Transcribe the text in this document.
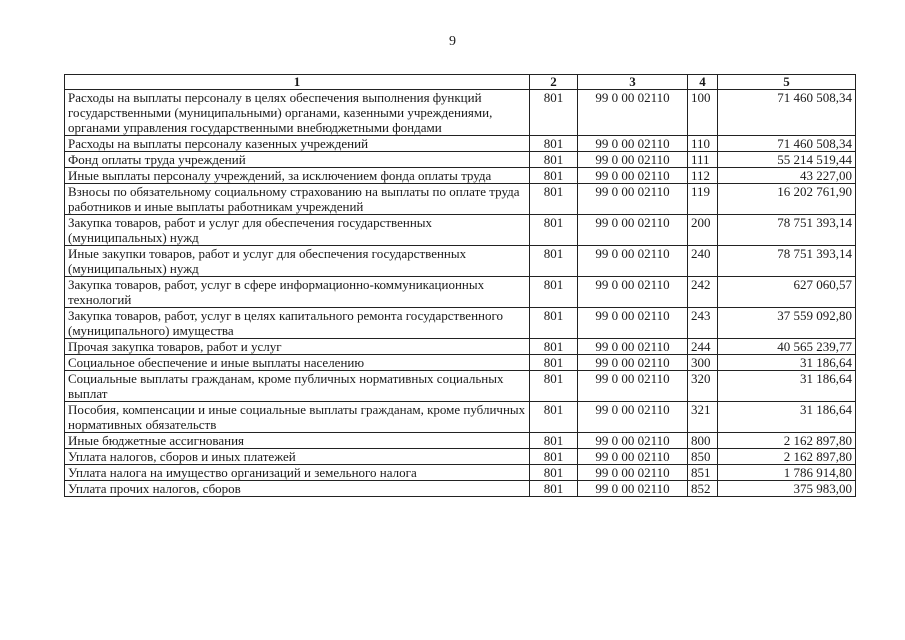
9
1	2	3	4	5
Расходы на выплаты персоналу в целях обеспечения выполнения функций государственными (муниципальными) органами, казенными учреждениями, органами управления государственными внебюджетными фондами	801	99 0 00 02110	100	71 460 508,34
Расходы на выплаты персоналу казенных учреждений	801	99 0 00 02110	110	71 460 508,34
Фонд оплаты труда учреждений	801	99 0 00 02110	111	55 214 519,44
Иные выплаты персоналу учреждений, за исключением фонда оплаты труда	801	99 0 00 02110	112	43 227,00
Взносы по обязательному социальному страхованию на выплаты по оплате труда работников и иные выплаты работникам учреждений	801	99 0 00 02110	119	16 202 761,90
Закупка товаров, работ и услуг для обеспечения государственных (муниципальных) нужд	801	99 0 00 02110	200	78 751 393,14
Иные закупки товаров, работ и услуг для обеспечения государственных (муниципальных) нужд	801	99 0 00 02110	240	78 751 393,14
Закупка товаров, работ, услуг в сфере информационно-коммуникационных технологий	801	99 0 00 02110	242	627 060,57
Закупка товаров, работ, услуг в целях капитального ремонта государственного (муниципального) имущества	801	99 0 00 02110	243	37 559 092,80
Прочая закупка товаров, работ и услуг	801	99 0 00 02110	244	40 565 239,77
Социальное обеспечение и иные выплаты населению	801	99 0 00 02110	300	31 186,64
Социальные выплаты гражданам, кроме публичных нормативных социальных выплат	801	99 0 00 02110	320	31 186,64
Пособия, компенсации и иные социальные выплаты гражданам, кроме публичных нормативных обязательств	801	99 0 00 02110	321	31 186,64
Иные бюджетные ассигнования	801	99 0 00 02110	800	2 162 897,80
Уплата налогов, сборов и иных платежей	801	99 0 00 02110	850	2 162 897,80
Уплата налога на имущество организаций и земельного налога	801	99 0 00 02110	851	1 786 914,80
Уплата прочих налогов, сборов	801	99 0 00 02110	852	375 983,00
